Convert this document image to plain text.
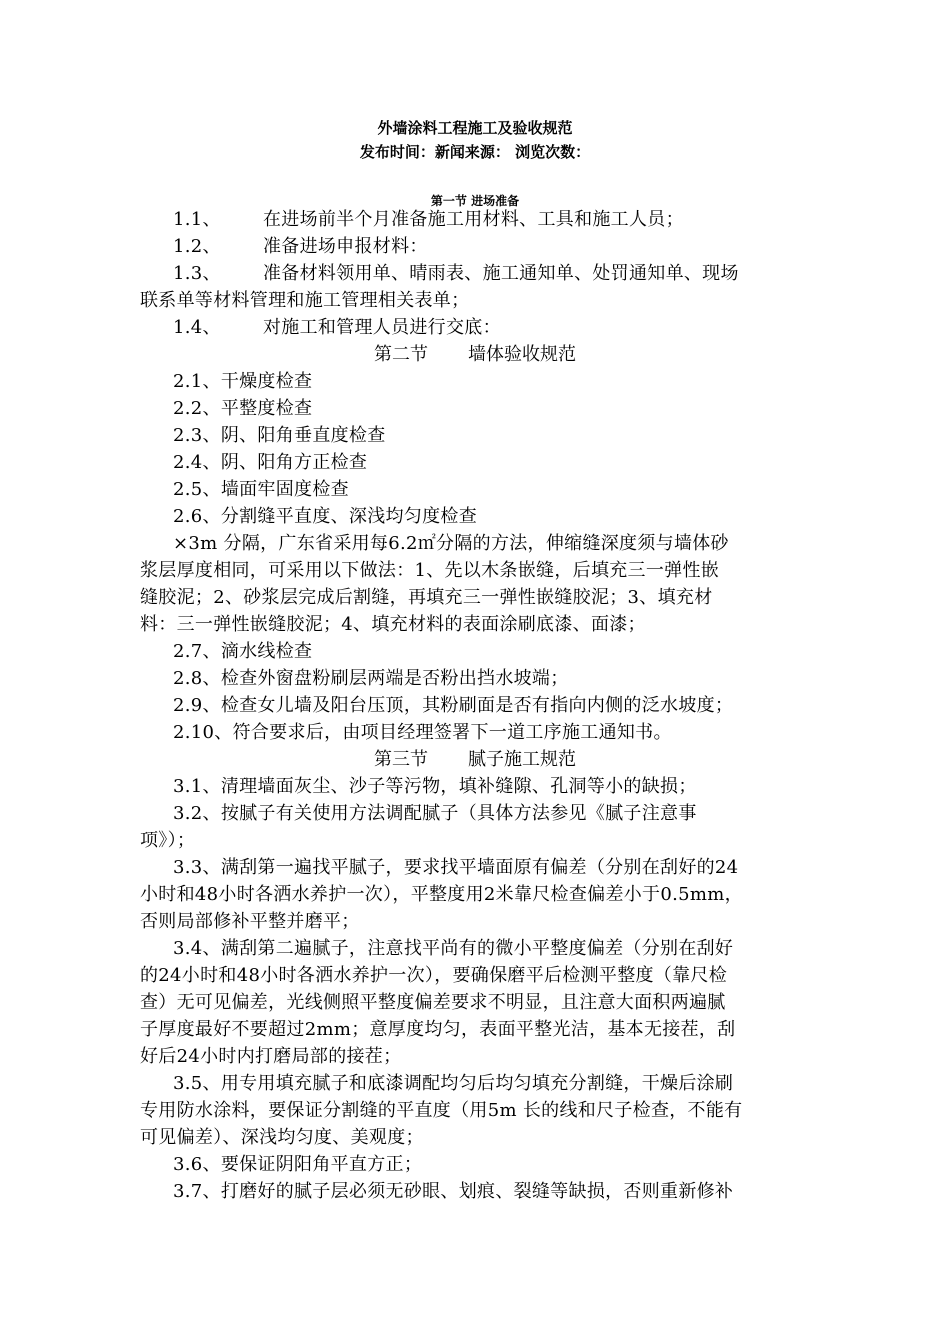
外墙涂料工程施工及验收规范
发布时间：新闻来源： 浏览次数：
第一节 进场准备
1.1、       在进场前半个月准备施工用材料、工具和施工人员；
1.2、       准备进场申报材料：
1.3、       准备材料领用单、晴雨表、施工通知单、处罚通知单、现场
联系单等材料管理和施工管理相关表单；
1.4、       对施工和管理人员进行交底：
第二节       墙体验收规范
2.1、干燥度检查
2.2、平整度检查
2.3、阴、阳角垂直度检查
2.4、阴、阳角方正检查
2.5、墙面牢固度检查
2.6、分割缝平直度、深浅均匀度检查
×3m 分隔，广东省采用每6.2㎡分隔的方法，伸缩缝深度须与墙体砂
浆层厚度相同，可采用以下做法：1、先以木条嵌缝，后填充三一弹性嵌
缝胶泥；2、砂浆层完成后割缝，再填充三一弹性嵌缝胶泥；3、填充材
料：三一弹性嵌缝胶泥；4、填充材料的表面涂刷底漆、面漆；
2.7、滴水线检查
2.8、检查外窗盘粉刷层两端是否粉出挡水坡端；
2.9、检查女儿墙及阳台压顶，其粉刷面是否有指向内侧的泛水坡度；
2.10、符合要求后，由项目经理签署下一道工序施工通知书。
第三节       腻子施工规范
3.1、清理墙面灰尘、沙子等污物，填补缝隙、孔洞等小的缺损；
3.2、按腻子有关使用方法调配腻子（具体方法参见《腻子注意事
项》）；
3.3、满刮第一遍找平腻子，要求找平墙面原有偏差（分别在刮好的24
小时和48小时各洒水养护一次），平整度用2米靠尺检查偏差小于0.5mm，
否则局部修补平整并磨平；
3.4、满刮第二遍腻子，注意找平尚有的微小平整度偏差（分别在刮好
的24小时和48小时各洒水养护一次），要确保磨平后检测平整度（靠尺检
查）无可见偏差，光线侧照平整度偏差要求不明显，且注意大面积两遍腻
子厚度最好不要超过2mm；意厚度均匀，表面平整光洁，基本无接茬，刮
好后24小时内打磨局部的接茬；
3.5、用专用填充腻子和底漆调配均匀后均匀填充分割缝，干燥后涂刷
专用防水涂料，要保证分割缝的平直度（用5m 长的线和尺子检查，不能有
可见偏差）、深浅均匀度、美观度；
3.6、要保证阴阳角平直方正；
3.7、打磨好的腻子层必须无砂眼、划痕、裂缝等缺损，否则重新修补
